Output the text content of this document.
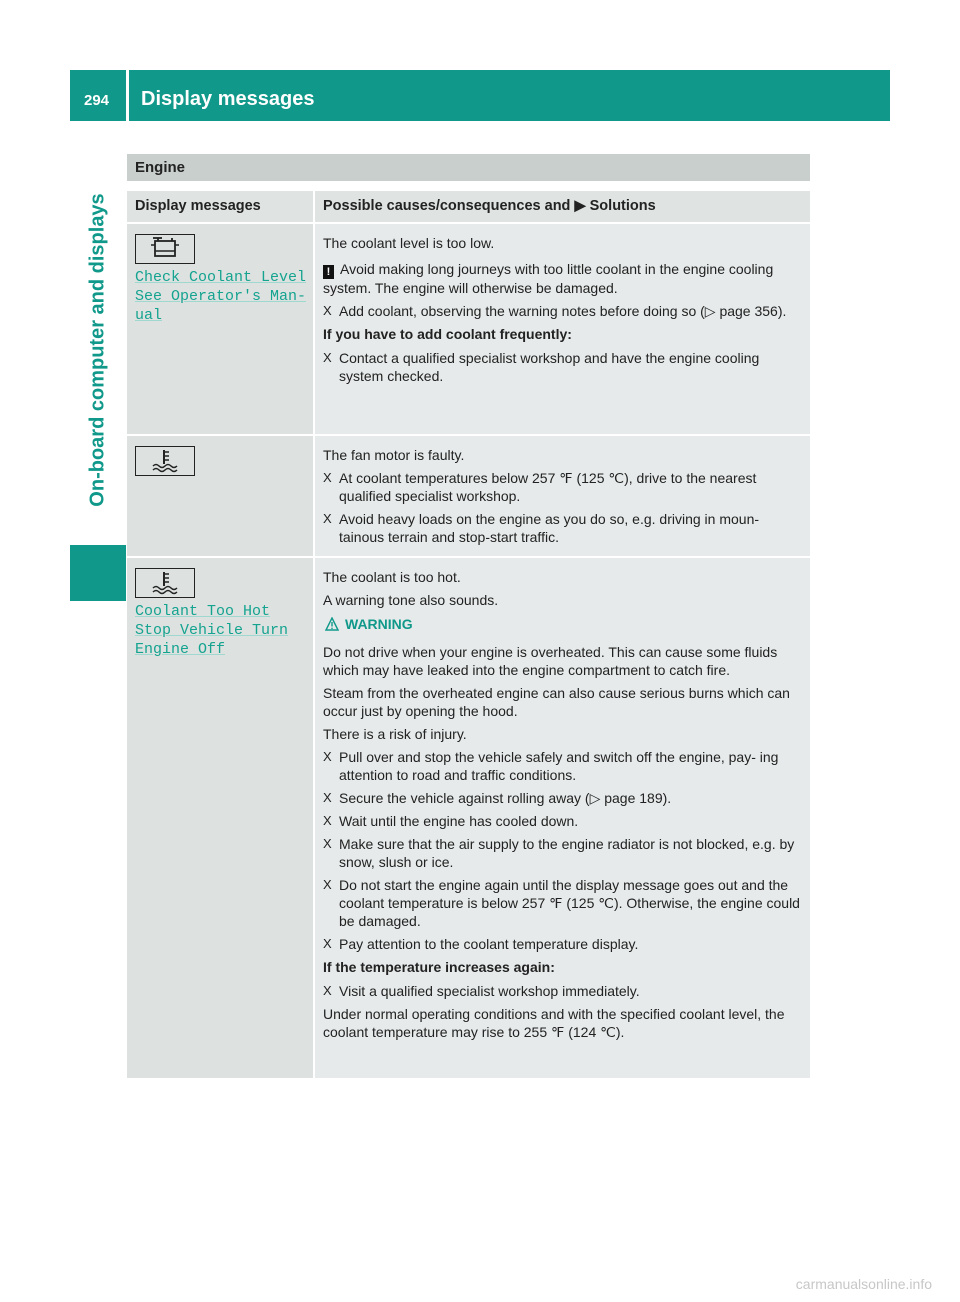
294 Display messages
On-board computer and displays
Engine
Display messages	Possible causes/consequences and ▶ Solutions
Check Coolant Level
See Operator's Man‐
ual

The coolant level is too low.

! Avoid making long journeys with too little coolant in the engine cooling system. The engine will otherwise be damaged.

X Add coolant, observing the warning notes before doing so (▷ page 356).

If you have to add coolant frequently:

X Contact a qualified specialist workshop and have the engine cooling system checked.

The fan motor is faulty.

X At coolant temperatures below 257 ℉ (125 ℃), drive to the nearest qualified specialist workshop.
X Avoid heavy loads on the engine as you do so, e.g. driving in moun‐ tainous terrain and stop-start traffic.
Coolant Too Hot
Stop Vehicle Turn
Engine Off

The coolant is too hot.

A warning tone also sounds.

WARNING

Do not drive when your engine is overheated. This can cause some fluids which may have leaked into the engine compartment to catch fire.

Steam from the overheated engine can also cause serious burns which can occur just by opening the hood.

There is a risk of injury.

X Pull over and stop the vehicle safely and switch off the engine, pay‐ ing attention to road and traffic conditions.
X Secure the vehicle against rolling away (▷ page 189).
X Wait until the engine has cooled down.
X Make sure that the air supply to the engine radiator is not blocked, e.g. by snow, slush or ice.
X Do not start the engine again until the display message goes out and the coolant temperature is below 257 ℉ (125 ℃). Otherwise, the engine could be damaged.
X Pay attention to the coolant temperature display.

If the temperature increases again:

X Visit a qualified specialist workshop immediately.

Under normal operating conditions and with the specified coolant level, the coolant temperature may rise to 255 ℉ (124 ℃).

carmanualsonline.info
